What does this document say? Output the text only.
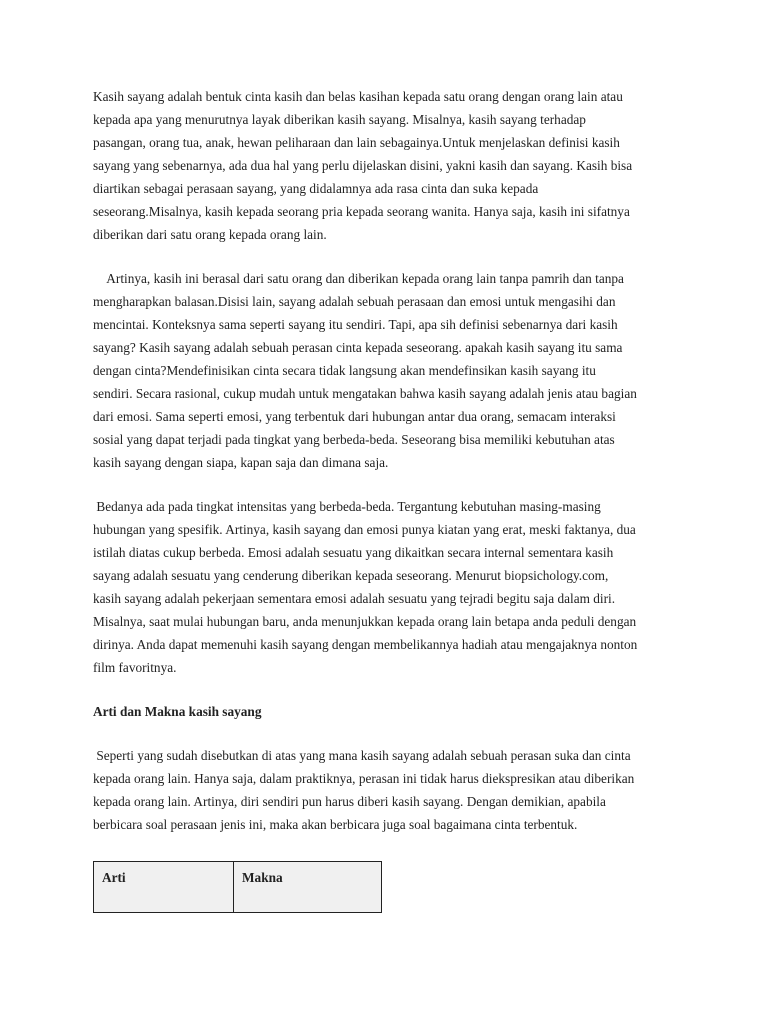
Kasih sayang adalah bentuk cinta kasih dan belas kasihan kepada satu orang dengan orang lain atau
kepada apa yang menurutnya layak diberikan kasih sayang. Misalnya, kasih sayang terhadap
pasangan, orang tua, anak, hewan peliharaan dan lain sebagainya.Untuk menjelaskan definisi kasih
sayang yang sebenarnya, ada dua hal yang perlu dijelaskan disini, yakni kasih dan sayang. Kasih bisa
diartikan sebagai perasaan sayang, yang didalamnya ada rasa cinta dan suka kepada
seseorang.Misalnya, kasih kepada seorang pria kepada seorang wanita. Hanya saja, kasih ini sifatnya
diberikan dari satu orang kepada orang lain.

Artinya, kasih ini berasal dari satu orang dan diberikan kepada orang lain tanpa pamrih dan tanpa
mengharapkan balasan.Disisi lain, sayang adalah sebuah perasaan dan emosi untuk mengasihi dan
mencintai. Konteksnya sama seperti sayang itu sendiri. Tapi, apa sih definisi sebenarnya dari kasih
sayang? Kasih sayang adalah sebuah perasan cinta kepada seseorang. apakah kasih sayang itu sama
dengan cinta?Mendefinisikan cinta secara tidak langsung akan mendefinsikan kasih sayang itu
sendiri. Secara rasional, cukup mudah untuk mengatakan bahwa kasih sayang adalah jenis atau bagian
dari emosi. Sama seperti emosi, yang terbentuk dari hubungan antar dua orang, semacam interaksi
sosial yang dapat terjadi pada tingkat yang berbeda-beda. Seseorang bisa memiliki kebutuhan atas
kasih sayang dengan siapa, kapan saja dan dimana saja.

Bedanya ada pada tingkat intensitas yang berbeda-beda. Tergantung kebutuhan masing-masing
hubungan yang spesifik. Artinya, kasih sayang dan emosi punya kiatan yang erat, meski faktanya, dua
istilah diatas cukup berbeda. Emosi adalah sesuatu yang dikaitkan secara internal sementara kasih
sayang adalah sesuatu yang cenderung diberikan kepada seseorang. Menurut biopsichology.com,
kasih sayang adalah pekerjaan sementara emosi adalah sesuatu yang tejradi begitu saja dalam diri.
Misalnya, saat mulai hubungan baru, anda menunjukkan kepada orang lain betapa anda peduli dengan
dirinya. Anda dapat memenuhi kasih sayang dengan membelikannya hadiah atau mengajaknya nonton
film favoritnya.

Arti dan Makna kasih sayang

Seperti yang sudah disebutkan di atas yang mana kasih sayang adalah sebuah perasan suka dan cinta
kepada orang lain. Hanya saja, dalam praktiknya, perasan ini tidak harus diekspresikan atau diberikan
kepada orang lain. Artinya, diri sendiri pun harus diberi kasih sayang. Dengan demikian, apabila
berbicara soal perasaan jenis ini, maka akan berbicara juga soal bagaimana cinta terbentuk.

Arti	Makna
